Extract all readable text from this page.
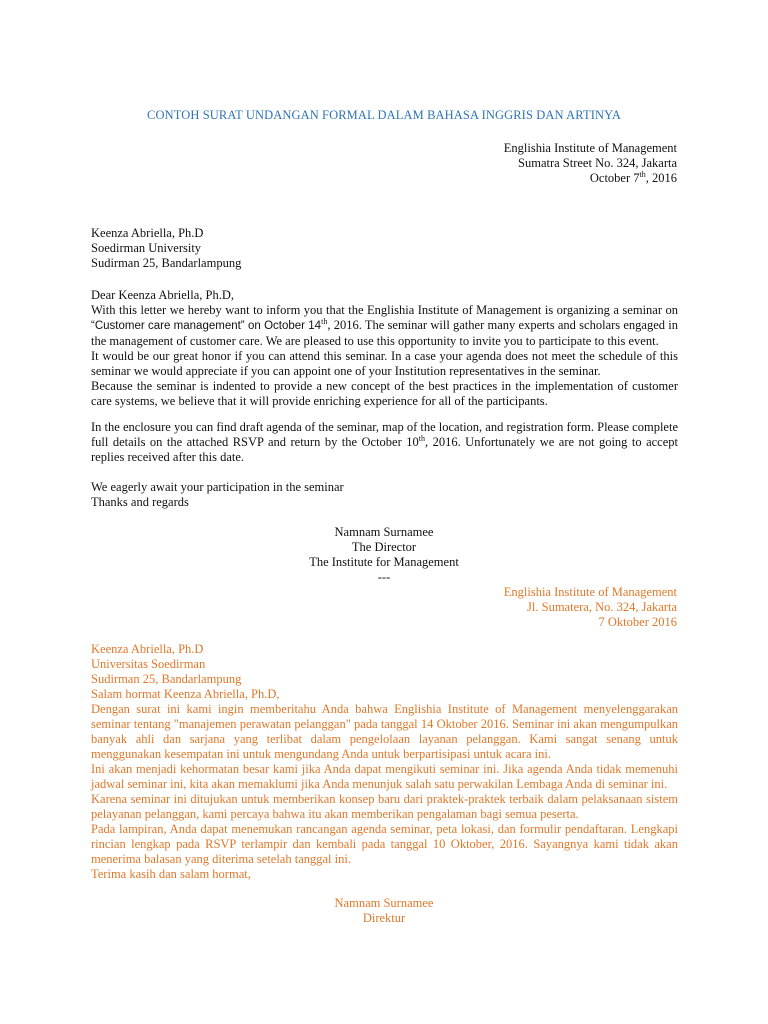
CONTOH SURAT UNDANGAN FORMAL DALAM BAHASA INGGRIS DAN ARTINYA
Englishia Institute of Management
Sumatra Street No. 324, Jakarta
October 7th, 2016
Keenza Abriella, Ph.D
Soedirman University
Sudirman 25, Bandarlampung
Dear Keenza Abriella, Ph.D,
With this letter we hereby want to inform you that the Englishia Institute of Management is organizing a seminar on “Customer care management” on October 14th, 2016. The seminar will gather many experts and scholars engaged in the management of customer care. We are pleased to use this opportunity to invite you to participate to this event.
It would be our great honor if you can attend this seminar. In a case your agenda does not meet the schedule of this seminar we would appreciate if you can appoint one of your Institution representatives in the seminar.
Because the seminar is indented to provide a new concept of the best practices in the implementation of customer care systems, we believe that it will provide enriching experience for all of the participants.
In the enclosure you can find draft agenda of the seminar, map of the location, and registration form. Please complete full details on the attached RSVP and return by the October 10th, 2016. Unfortunately we are not going to accept replies received after this date.
We eagerly await your participation in the seminar
Thanks and regards
Namnam Surnamee
The Director
The Institute for Management
---
Englishia Institute of Management
Jl. Sumatera, No. 324, Jakarta
7 Oktober 2016
Keenza Abriella, Ph.D
Universitas Soedirman
Sudirman 25, Bandarlampung
Salam hormat Keenza Abriella, Ph.D,
Dengan surat ini kami ingin memberitahu Anda bahwa Englishia Institute of Management menyelenggarakan seminar tentang "manajemen perawatan pelanggan" pada tanggal 14 Oktober 2016. Seminar ini akan mengumpulkan banyak ahli dan sarjana yang terlibat dalam pengelolaan layanan pelanggan. Kami sangat senang untuk menggunakan kesempatan ini untuk mengundang Anda untuk berpartisipasi untuk acara ini.
Ini akan menjadi kehormatan besar kami jika Anda dapat mengikuti seminar ini. Jika agenda Anda tidak memenuhi jadwal seminar ini, kita akan memaklumi jika Anda menunjuk salah satu perwakilan Lembaga Anda di seminar ini.
Karena seminar ini ditujukan untuk memberikan konsep baru dari praktek-praktek terbaik dalam pelaksanaan sistem pelayanan pelanggan, kami percaya bahwa itu akan memberikan pengalaman bagi semua peserta.
Pada lampiran, Anda dapat menemukan rancangan agenda seminar, peta lokasi, dan formulir pendaftaran. Lengkapi rincian lengkap pada RSVP terlampir dan kembali pada tanggal 10 Oktober, 2016. Sayangnya kami tidak akan menerima balasan yang diterima setelah tanggal ini.
Terima kasih dan salam hormat,
Namnam Surnamee
Direktur
